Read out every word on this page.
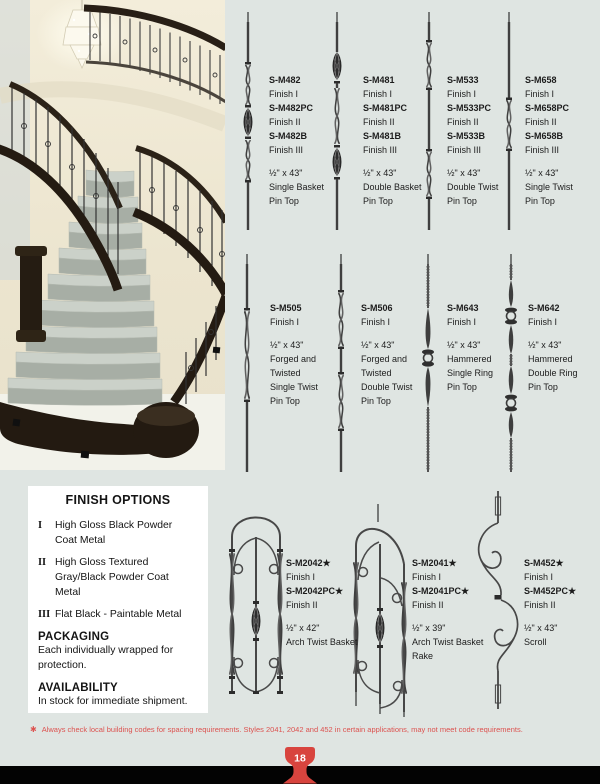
S-M482
Finish I
S-M482PC
Finish II
S-M482B
Finish III
½" x 43"
Single Basket
Pin Top
S-M481
Finish I
S-M481PC
Finish II
S-M481B
Finish III
½" x 43"
Double Basket
Pin Top
S-M533
Finish I
S-M533PC
Finish II
S-M533B
Finish III
½" x 43"
Double Twist
Pin Top
S-M658
Finish I
S-M658PC
Finish II
S-M658B
Finish III
½" x 43"
Single Twist
Pin Top
S-M505
Finish I
½" x 43"
Forged and
Twisted
Single Twist
Pin Top
S-M506
Finish I
½" x 43"
Forged and
Twisted
Double Twist
Pin Top
S-M643
Finish I
½" x 43"
Hammered
Single Ring
Pin Top
S-M642
Finish I
½" x 43"
Hammered
Double Ring
Pin Top
S-M2042★
Finish I
S-M2042PC★
Finish II
½" x 42"
Arch Twist Basket
S-M2041★
Finish I
S-M2041PC★
Finish II
½" x 39"
Arch Twist Basket
Rake
S-M452★
Finish I
S-M452PC★
Finish II
½" x 43"
Scroll
FINISH OPTIONS
I	High Gloss Black Powder Coat Metal
II High Gloss Textured Gray/Black Powder Coat Metal
III Flat Black - Paintable Metal
PACKAGING
Each individually wrapped for protection.
AVAILABILITY
In stock for immediate shipment.
✱ Always check local building codes for spacing requirements. Styles 2041, 2042 and 452 in certain applications, may not meet code requirements.
18
